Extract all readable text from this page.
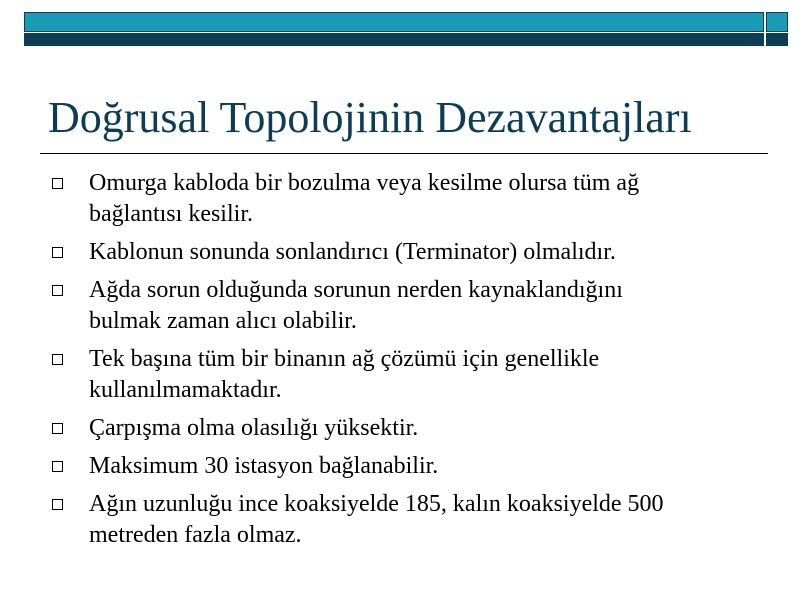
Doğrusal Topolojinin Dezavantajları
Omurga kabloda bir bozulma veya kesilme olursa tüm ağ
bağlantısı kesilir.
Kablonun sonunda sonlandırıcı (Terminator) olmalıdır.
Ağda sorun olduğunda sorunun nerden kaynaklandığını
bulmak zaman alıcı olabilir.
Tek başına tüm bir binanın ağ çözümü için genellikle
kullanılmamaktadır.
Çarpışma olma olasılığı yüksektir.
Maksimum 30 istasyon bağlanabilir.
Ağın uzunluğu ince koaksiyelde 185, kalın koaksiyelde 500
metreden fazla olmaz.
